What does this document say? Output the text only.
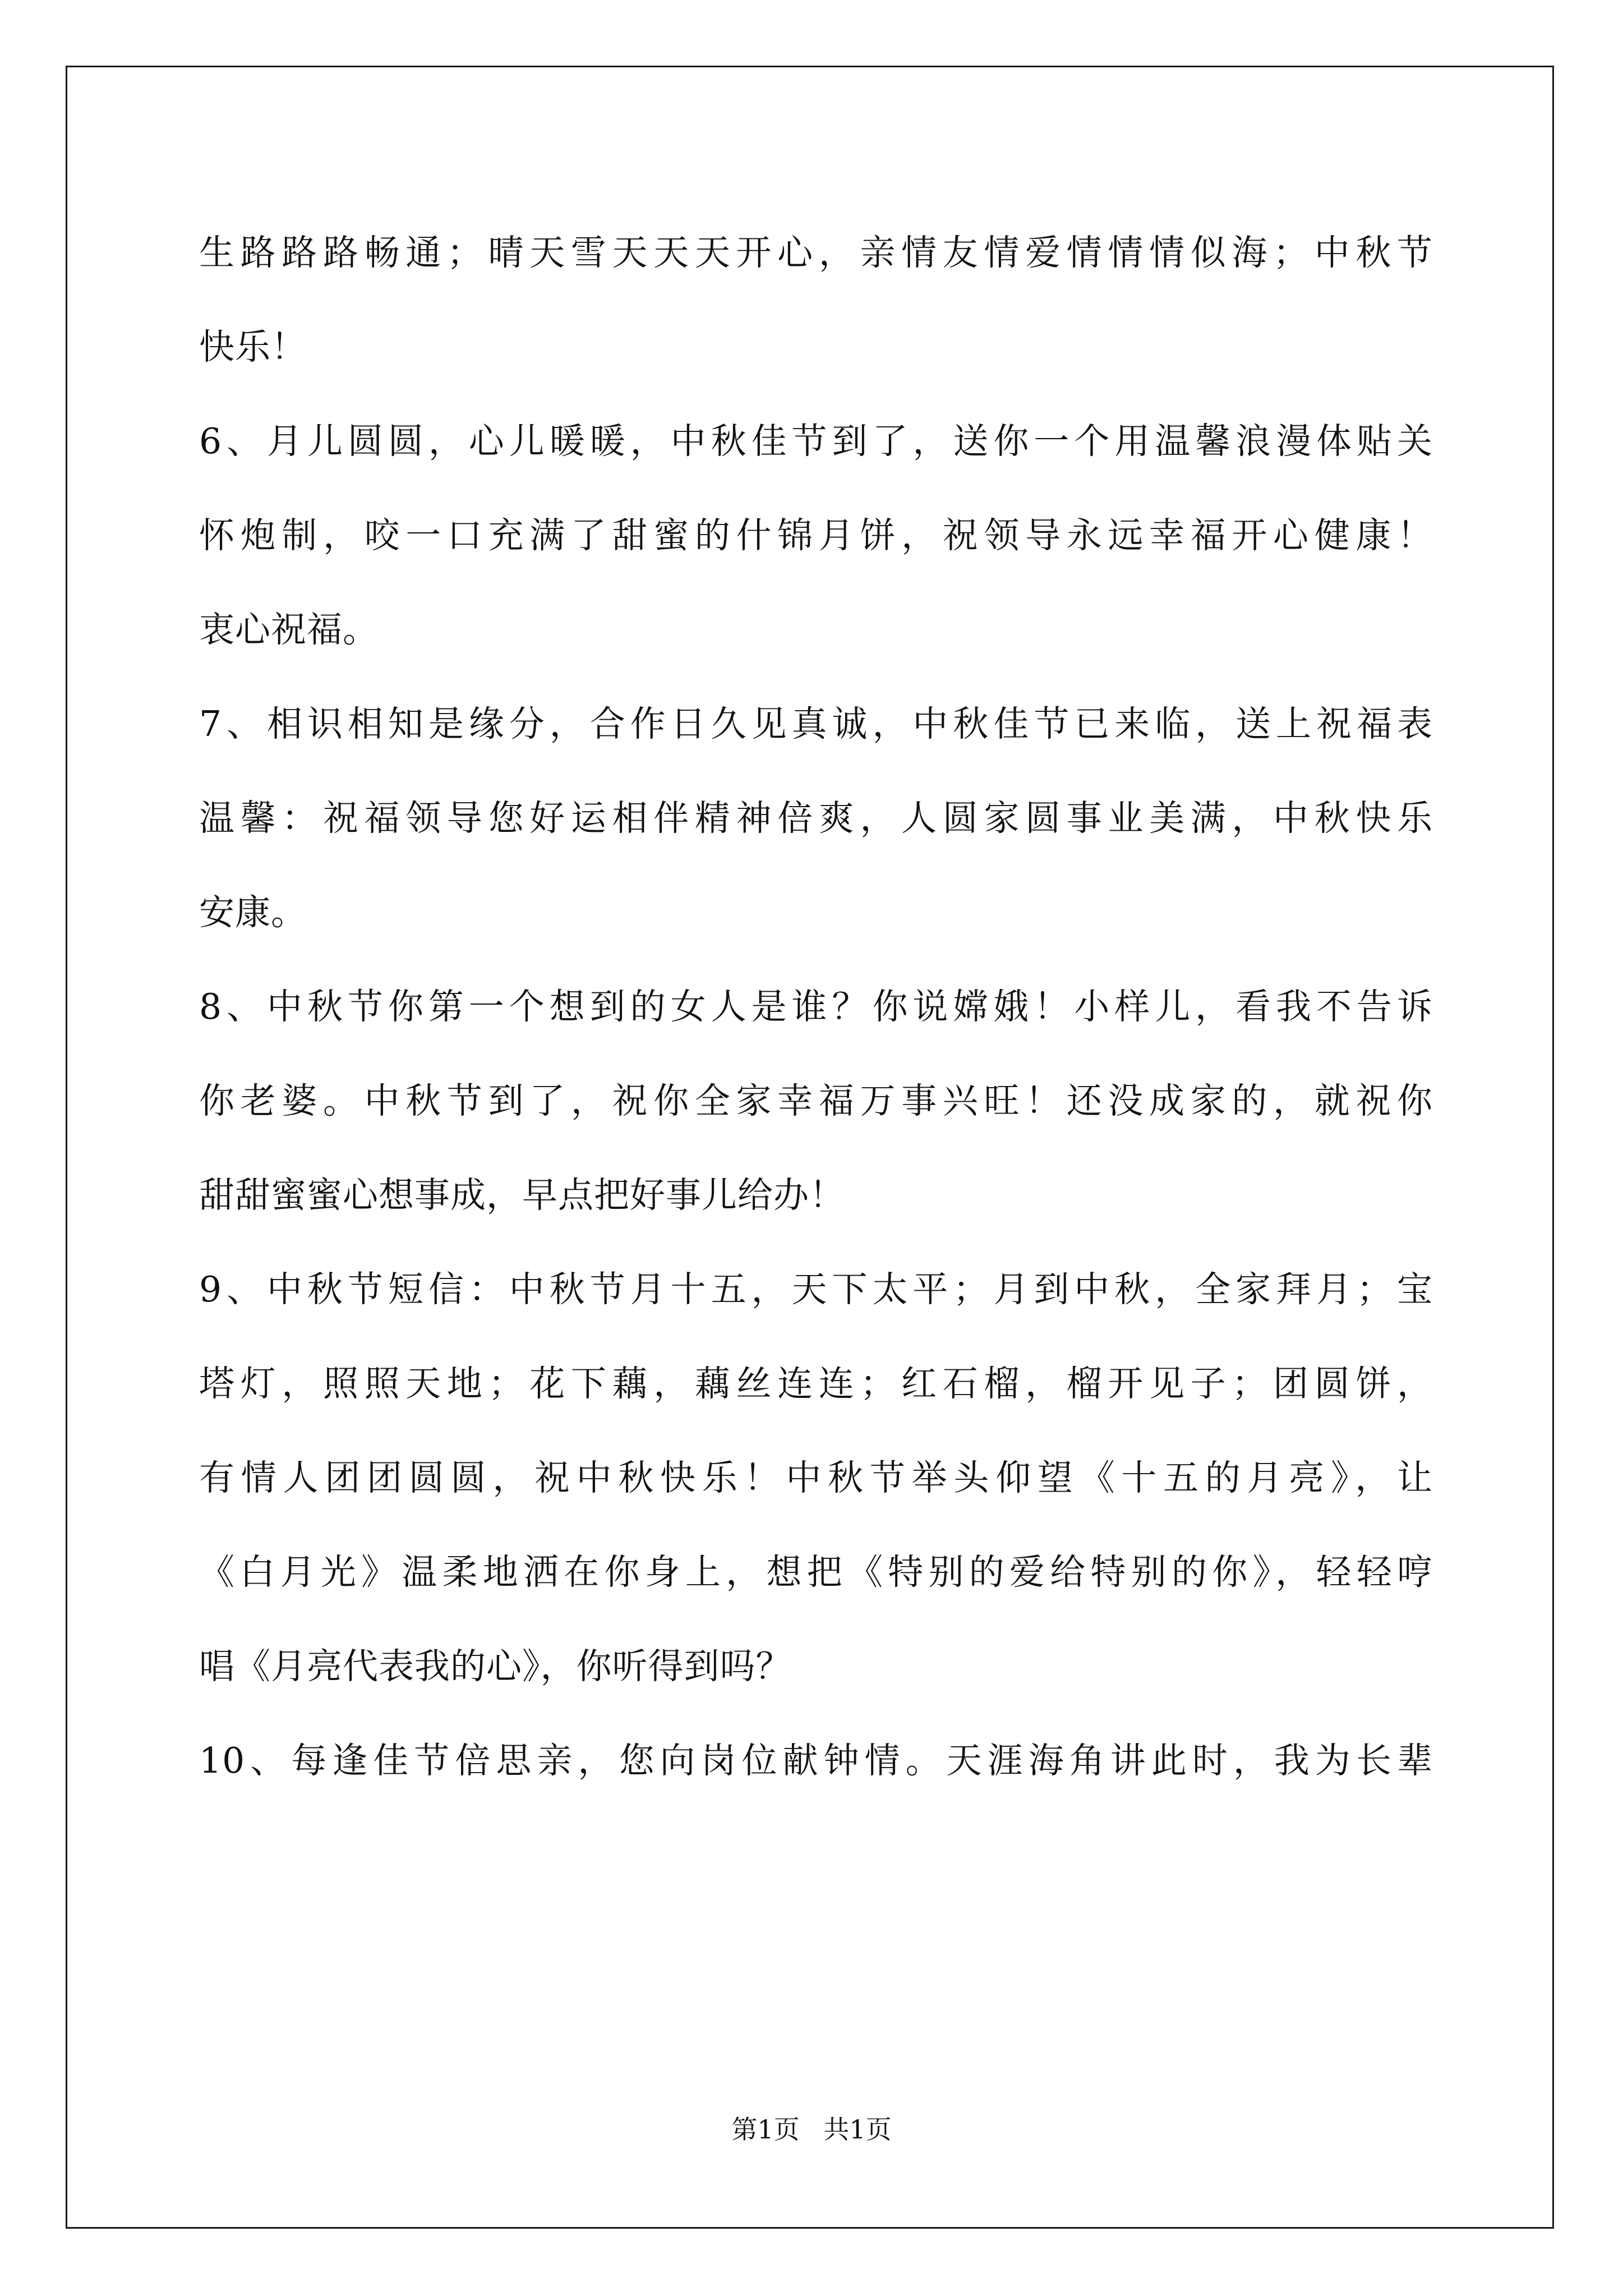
生路路路畅通；晴天雪天天天开心，亲情友情爱情情情似海；中秋节
快乐！
6、月儿圆圆，心儿暖暖，中秋佳节到了，送你一个用温馨浪漫体贴关
怀炮制，咬一口充满了甜蜜的什锦月饼，祝领导永远幸福开心健康！
衷心祝福。
7、相识相知是缘分，合作日久见真诚，中秋佳节已来临，送上祝福表
温馨：祝福领导您好运相伴精神倍爽，人圆家圆事业美满，中秋快乐
安康。
8、中秋节你第一个想到的女人是谁？你说嫦娥！小样儿，看我不告诉
你老婆。中秋节到了，祝你全家幸福万事兴旺！还没成家的，就祝你
甜甜蜜蜜心想事成，早点把好事儿给办！
9、中秋节短信：中秋节月十五，天下太平；月到中秋，全家拜月；宝
塔灯，照照天地；花下藕，藕丝连连；红石榴，榴开见子；团圆饼，
有情人团团圆圆，祝中秋快乐！中秋节举头仰望《十五的月亮》，让
《白月光》温柔地洒在你身上，想把《特别的爱给特别的你》，轻轻哼
唱《月亮代表我的心》，你听得到吗？
10、每逢佳节倍思亲，您向岗位献钟情。天涯海角讲此时，我为长辈
第1页 共1页
